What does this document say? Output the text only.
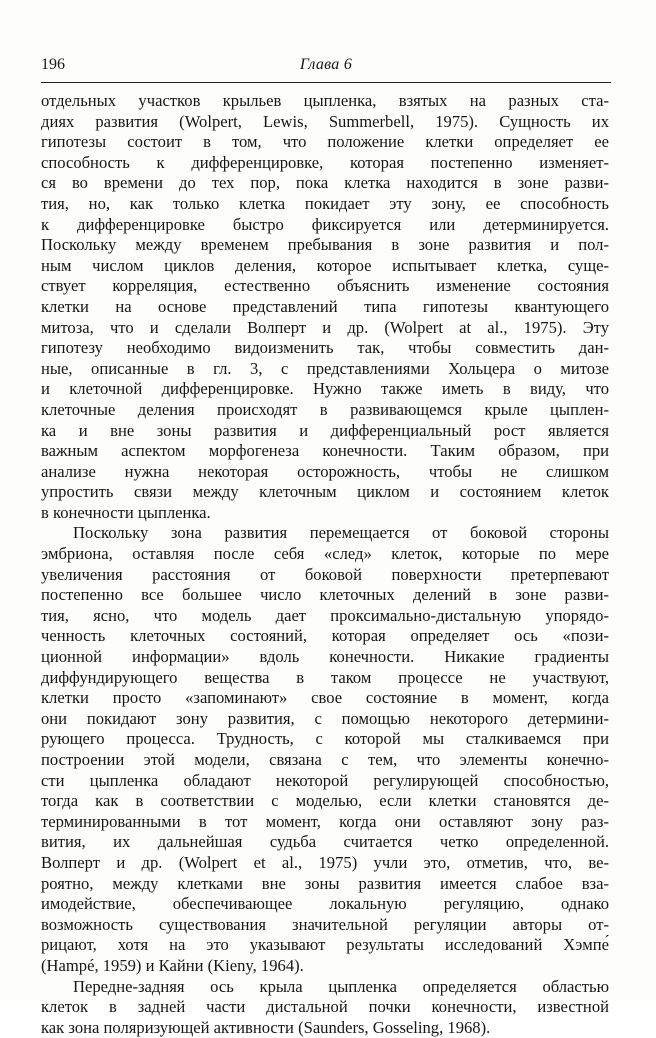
196	Глава 6
отдельных участков крыльев цыпленка, взятых на разных ста-
диях развития (Wolpert, Lewis, Summerbell, 1975). Сущность их
гипотезы состоит в том, что положение клетки определяет ее
способность к дифференцировке, которая постепенно изменяет-
ся во времени до тех пор, пока клетка находится в зоне разви-
тия, но, как только клетка покидает эту зону, ее способность
к дифференцировке быстро фиксируется или детерминируется.
Поскольку между временем пребывания в зоне развития и пол-
ным числом циклов деления, которое испытывает клетка, суще-
ствует корреляция, естественно объяснить изменение состояния
клетки на основе представлений типа гипотезы квантующего
митоза, что и сделали Волперт и др. (Wolpert at al., 1975). Эту
гипотезу необходимо видоизменить так, чтобы совместить дан-
ные, описанные в гл. 3, с представлениями Хольцера о митозе
и клеточной дифференцировке. Нужно также иметь в виду, что
клеточные деления происходят в развивающемся крыле цыплен-
ка и вне зоны развития и дифференциальный рост является
важным аспектом морфогенеза конечности. Таким образом, при
анализе нужна некоторая осторожность, чтобы не слишком
упростить связи между клеточным циклом и состоянием клеток
в конечности цыпленка.
Поскольку зона развития перемещается от боковой стороны
эмбриона, оставляя после себя «след» клеток, которые по мере
увеличения расстояния от боковой поверхности претерпевают
постепенно все большее число клеточных делений в зоне разви-
тия, ясно, что модель дает проксимально-дистальную упорядо-
ченность клеточных состояний, которая определяет ось «пози-
ционной информации» вдоль конечности. Никакие градиенты
диффундирующего вещества в таком процессе не участвуют,
клетки просто «запоминают» свое состояние в момент, когда
они покидают зону развития, с помощью некоторого детермини-
рующего процесса. Трудность, с которой мы сталкиваемся при
построении этой модели, связана с тем, что элементы конечно-
сти цыпленка обладают некоторой регулирующей способностью,
тогда как в соответствии с моделью, если клетки становятся де-
терминированными в тот момент, когда они оставляют зону раз-
вития, их дальнейшая судьба считается четко определенной.
Волперт и др. (Wolpert et al., 1975) учли это, отметив, что, ве-
роятно, между клетками вне зоны развития имеется слабое вза-
имодействие, обеспечивающее локальную регуляцию, однако
возможность существования значительной регуляции авторы от-
рицают, хотя на это указывают результаты исследований Хэмпе́
(Hampé, 1959) и Кайни (Kieny, 1964).
Передне-задняя ось крыла цыпленка определяется областью
клеток в задней части дистальной почки конечности, известной
как зона поляризующей активности (Saunders, Gosseling, 1968).
